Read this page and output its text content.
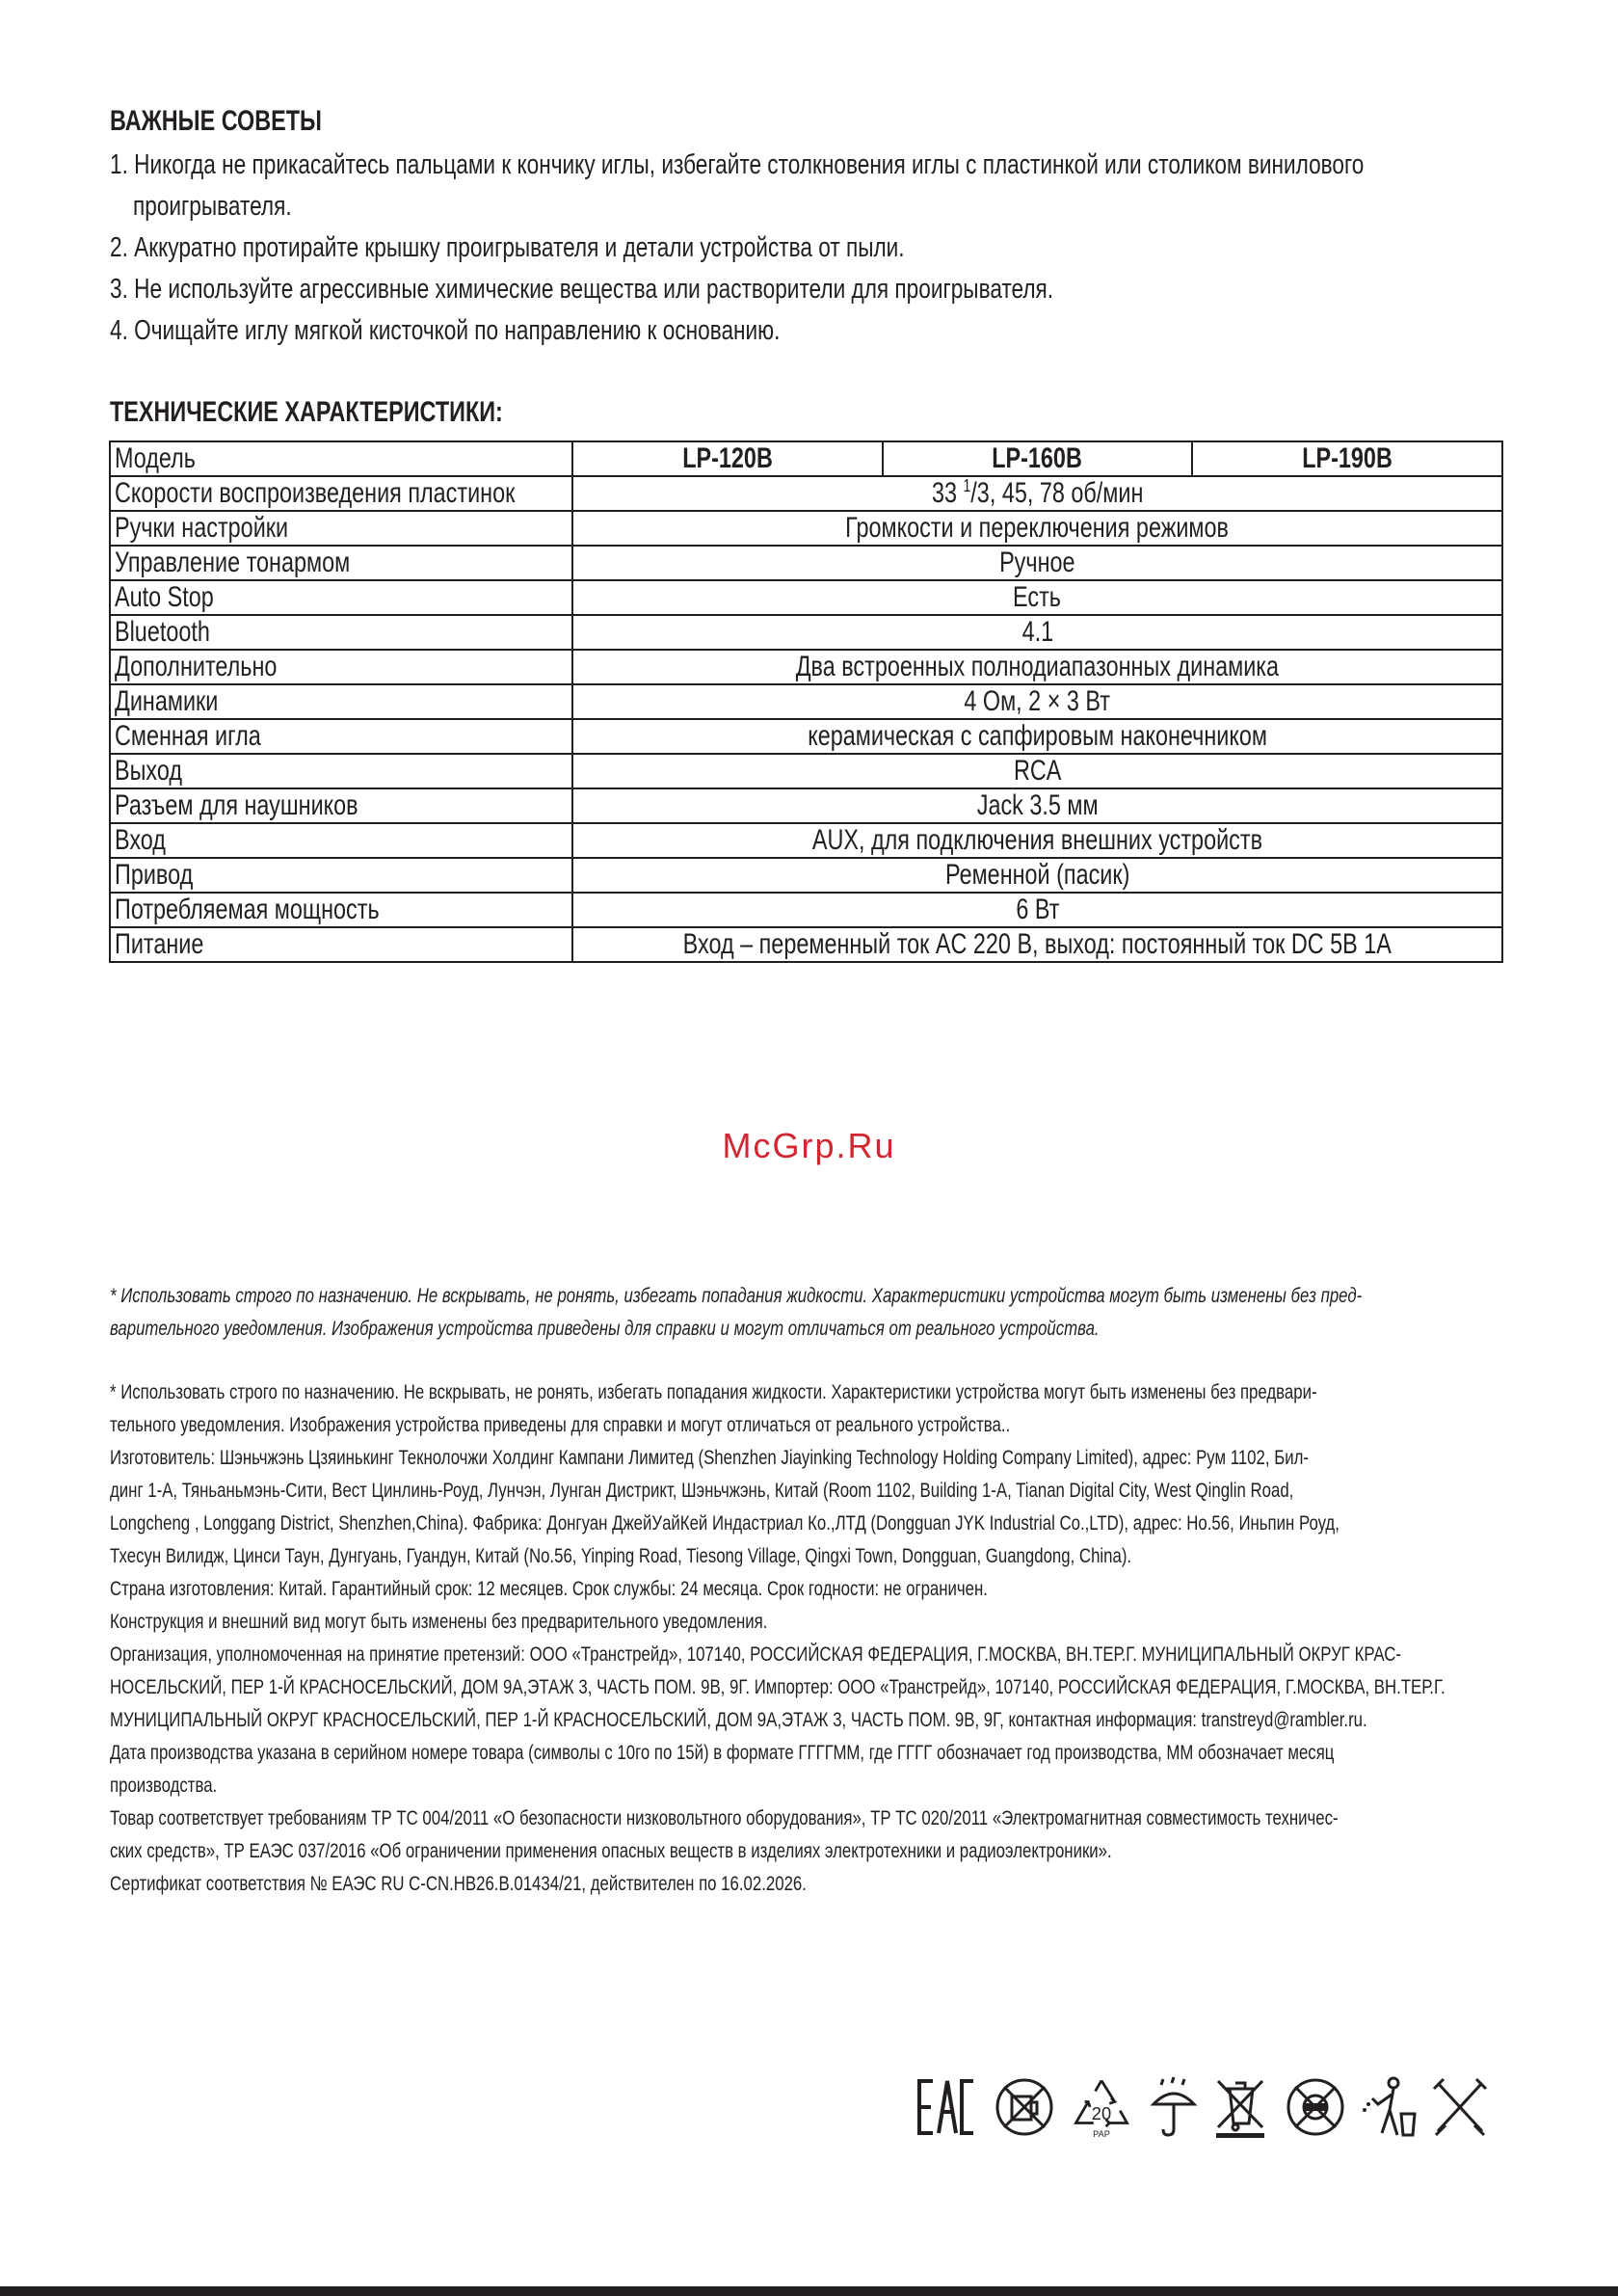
ВАЖНЫЕ СОВЕТЫ
1. Никогда не прикасайтесь пальцами к кончику иглы, избегайте столкновения иглы с пластинкой или столиком винилового
проигрывателя.
2. Аккуратно протирайте крышку проигрывателя и детали устройства от пыли.
3. Не используйте агрессивные химические вещества или растворители для проигрывателя.
4. Очищайте иглу мягкой кисточкой по направлению к основанию.
ТЕХНИЧЕСКИЕ ХАРАКТЕРИСТИКИ:
Модель	LP-120B	LP-160B	LP-190B
Скорости воспроизведения пластинок	33 $^1$/3, 45, 78 об/мин		
Ручки настройки	Громкости и переключения режимов		
Управление тонармом	Ручное		
Auto Stop	Есть		
Bluetooth	4.1		
Дополнительно	Два встроенных полнодиапазонных динамика		
Динамики	4 Ом, 2 × 3 Вт		
Сменная игла	керамическая с сапфировым наконечником		
Выход	RCA		
Разъем для наушников	Jack 3.5 мм		
Вход	AUX, для подключения внешних устройств		
Привод	Ременной (пасик)		
Потребляемая мощность	6 Вт		
Питание	Вход – переменный ток AC 220 В, выход: постоянный ток DC 5В 1А		
McGrp.Ru
* Использовать строго по назначению. Не вскрывать, не ронять, избегать попадания жидкости. Характеристики устройства могут быть изменены без пред-
варительного уведомления. Изображения устройства приведены для справки и могут отличаться от реального устройства.
* Использовать строго по назначению. Не вскрывать, не ронять, избегать попадания жидкости. Характеристики устройства могут быть изменены без предвари-
тельного уведомления. Изображения устройства приведены для справки и могут отличаться от реального устройства..
Изготовитель: Шэньчжэнь Цзяинькинг Текнолочжи Холдинг Кампани Лимитед (Shenzhen Jiayinking Technology Holding Company Limited), адрес: Рум 1102, Бил-
динг 1-А, Тяньаньмэнь-Сити, Вест Цинлинь-Роуд, Лунчэн, Лунган Дистрикт, Шэньчжэнь, Китай (Room 1102, Building 1-A, Tianan Digital City, West Qinglin Road,
Longcheng , Longgang District, Shenzhen,China). Фабрика: Донгуан ДжейУайКей Индастриал Ко.,ЛТД (Dongguan JYK Industrial Co.,LTD), адрес: Но.56, Иньпин Роуд,
Тхесун Вилидж, Цинси Таун, Дунгуань, Гуандун, Китай (No.56, Yinping Road, Tiesong Village, Qingxi Town, Dongguan, Guangdong, China).
Страна изготовления: Китай. Гарантийный срок: 12 месяцев. Срок службы: 24 месяца. Срок годности: не ограничен.
Конструкция и внешний вид могут быть изменены без предварительного уведомления.
Организация, уполномоченная на принятие претензий: ООО «Транстрейд», 107140, РОССИЙСКАЯ ФЕДЕРАЦИЯ, Г.МОСКВА, ВН.ТЕР.Г. МУНИЦИПАЛЬНЫЙ ОКРУГ КРАС-
НОСЕЛЬСКИЙ, ПЕР 1-Й КРАСНОСЕЛЬСКИЙ, ДОМ 9А,ЭТАЖ 3, ЧАСТЬ ПОМ. 9В, 9Г. Импортер: ООО «Транстрейд», 107140, РОССИЙСКАЯ ФЕДЕРАЦИЯ, Г.МОСКВА, ВН.ТЕР.Г.
МУНИЦИПАЛЬНЫЙ ОКРУГ КРАСНОСЕЛЬСКИЙ, ПЕР 1-Й КРАСНОСЕЛЬСКИЙ, ДОМ 9А,ЭТАЖ 3, ЧАСТЬ ПОМ. 9В, 9Г, контактная информация: transtreyd@rambler.ru.
Дата производства указана в серийном номере товара (символы с 10го по 15й) в формате ГГГГММ, где ГГГГ обозначает год производства, ММ обозначает месяц
производства.
Товар соответствует требованиям ТР ТС 004/2011 «О безопасности низковольтного оборудования», ТР ТС 020/2011 «Электромагнитная совместимость техничес-
ских средств», ТР ЕАЭС 037/2016 «Об ограничении применения опасных веществ в изделиях электротехники и радиоэлектроники».
Сертификат соответствия № ЕАЭС RU С-CN.НВ26.В.01434/21, действителен по 16.02.2026.
20
PAP
